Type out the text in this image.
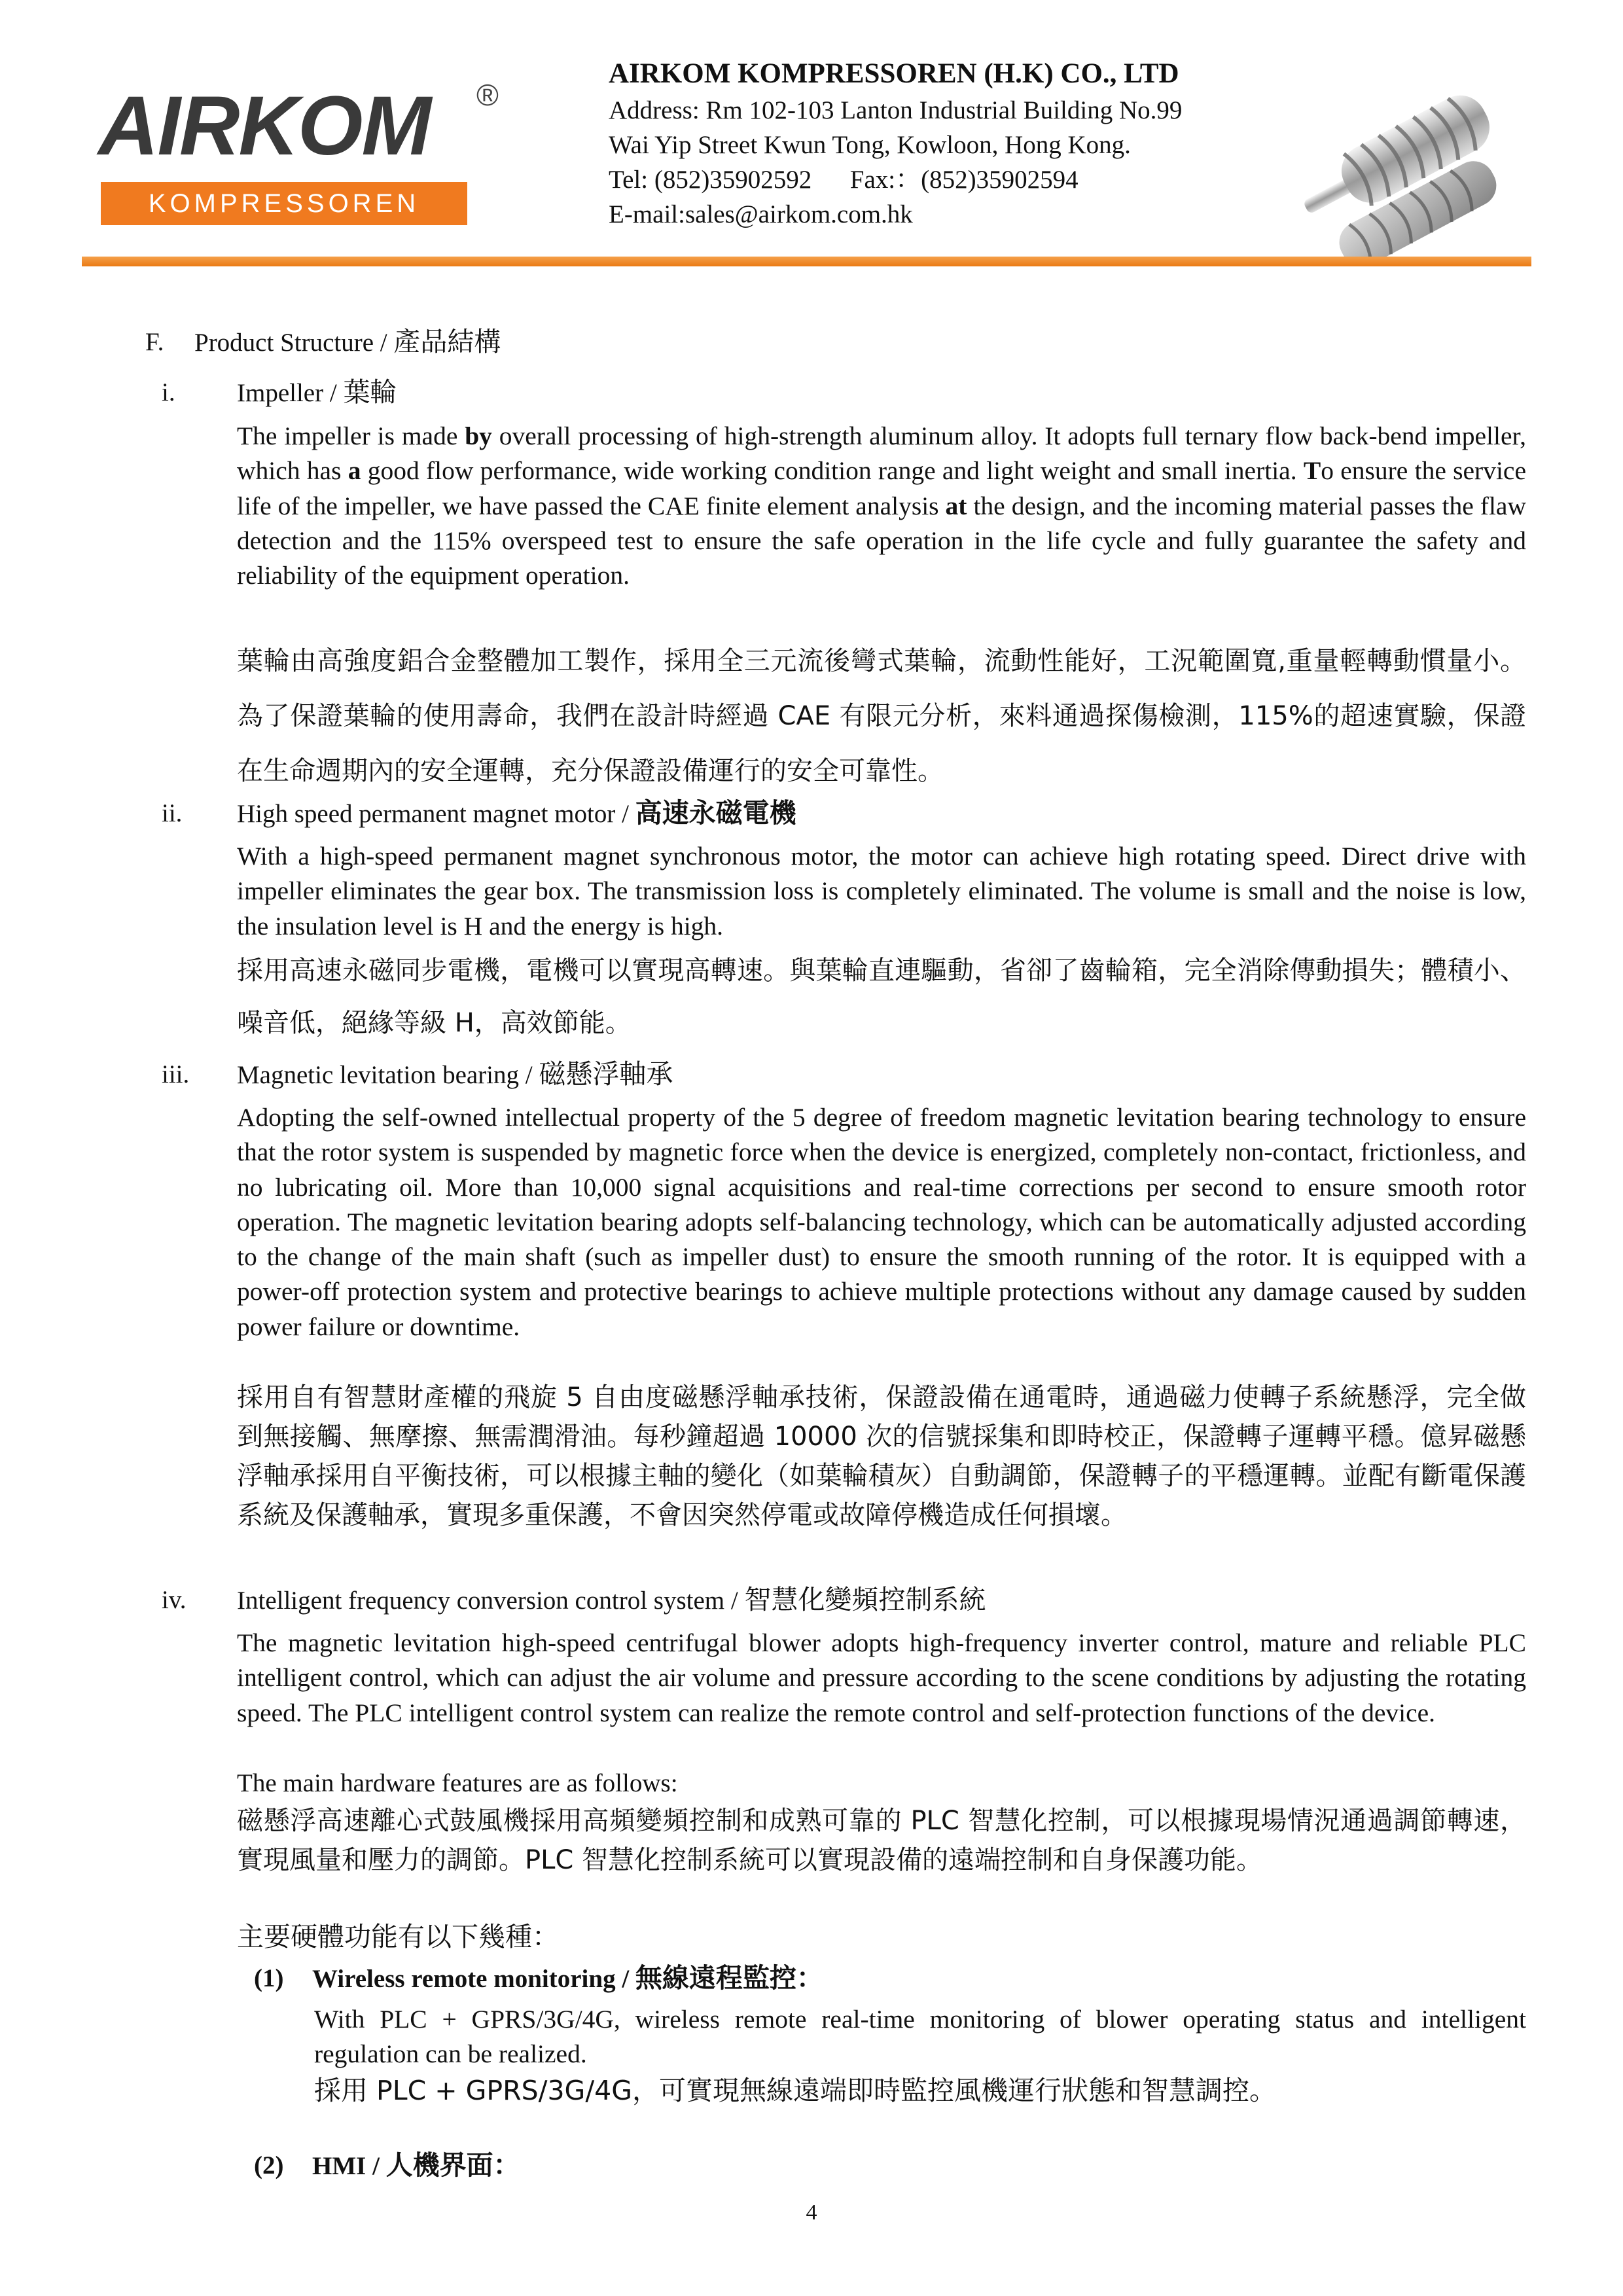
AIRKOM ®
KOMPRESSOREN
AIRKOM KOMPRESSOREN (H.K) CO., LTD
Address: Rm 102-103 Lanton Industrial Building No.99
Wai Yip Street Kwun Tong, Kowloon, Hong Kong.
Tel: (852)35902592      Fax:：(852)35902594
E-mail:sales@airkom.com.hk
F. Product Structure / 產品結構
i. Impeller / 葉輪
The impeller is made by overall processing of high-strength aluminum alloy. It adopts full ternary flow back-bend impeller, which has a good flow performance, wide working condition range and light weight and small inertia. To ensure the service life of the impeller, we have passed the CAE finite element analysis at the design, and the incoming material passes the flaw detection and the 115% overspeed test to ensure the safe operation in the life cycle and fully guarantee the safety and reliability of the equipment operation.
葉輪由高強度鋁合金整體加工製作，採用全三元流後彎式葉輪，流動性能好，工況範圍寬,重量輕轉動慣量小。為了保證葉輪的使用壽命，我們在設計時經過 CAE 有限元分析，來料通過探傷檢測，115%的超速實驗，保證在生命週期內的安全運轉，充分保證設備運行的安全可靠性。
ii. High speed permanent magnet motor / 高速永磁電機
With a high-speed permanent magnet synchronous motor, the motor can achieve high rotating speed. Direct drive with impeller eliminates the gear box. The transmission loss is completely eliminated. The volume is small and the noise is low, the insulation level is H and the energy is high.
採用高速永磁同步電機，電機可以實現高轉速。與葉輪直連驅動，省卻了齒輪箱，完全消除傳動損失；體積小、噪音低，絕緣等級 H，高效節能。
iii. Magnetic levitation bearing / 磁懸浮軸承
Adopting the self-owned intellectual property of the 5 degree of freedom magnetic levitation bearing technology to ensure that the rotor system is suspended by magnetic force when the device is energized, completely non-contact, frictionless, and no lubricating oil. More than 10,000 signal acquisitions and real-time corrections per second to ensure smooth rotor operation. The magnetic levitation bearing adopts self-balancing technology, which can be automatically adjusted according to the change of the main shaft (such as impeller dust) to ensure the smooth running of the rotor. It is equipped with a power-off protection system and protective bearings to achieve multiple protections without any damage caused by sudden power failure or downtime.
採用自有智慧財產權的飛旋 5 自由度磁懸浮軸承技術，保證設備在通電時，通過磁力使轉子系統懸浮，完全做到無接觸、無摩擦、無需潤滑油。每秒鐘超過 10000 次的信號採集和即時校正，保證轉子運轉平穩。億昇磁懸浮軸承採用自平衡技術，可以根據主軸的變化（如葉輪積灰）自動調節，保證轉子的平穩運轉。並配有斷電保護系統及保護軸承，實現多重保護，不會因突然停電或故障停機造成任何損壞。
iv. Intelligent frequency conversion control system / 智慧化變頻控制系統
The magnetic levitation high-speed centrifugal blower adopts high-frequency inverter control, mature and reliable PLC intelligent control, which can adjust the air volume and pressure according to the scene conditions by adjusting the rotating speed. The PLC intelligent control system can realize the remote control and self-protection functions of the device.
The main hardware features are as follows:
磁懸浮高速離心式鼓風機採用高頻變頻控制和成熟可靠的 PLC 智慧化控制，可以根據現場情況通過調節轉速，實現風量和壓力的調節。PLC 智慧化控制系統可以實現設備的遠端控制和自身保護功能。
主要硬體功能有以下幾種：
(1) Wireless remote monitoring / 無線遠程監控：
With PLC + GPRS/3G/4G, wireless remote real-time monitoring of blower operating status and intelligent regulation can be realized.
採用 PLC + GPRS/3G/4G，可實現無線遠端即時監控風機運行狀態和智慧調控。
(2) HMI / 人機界面：
4
